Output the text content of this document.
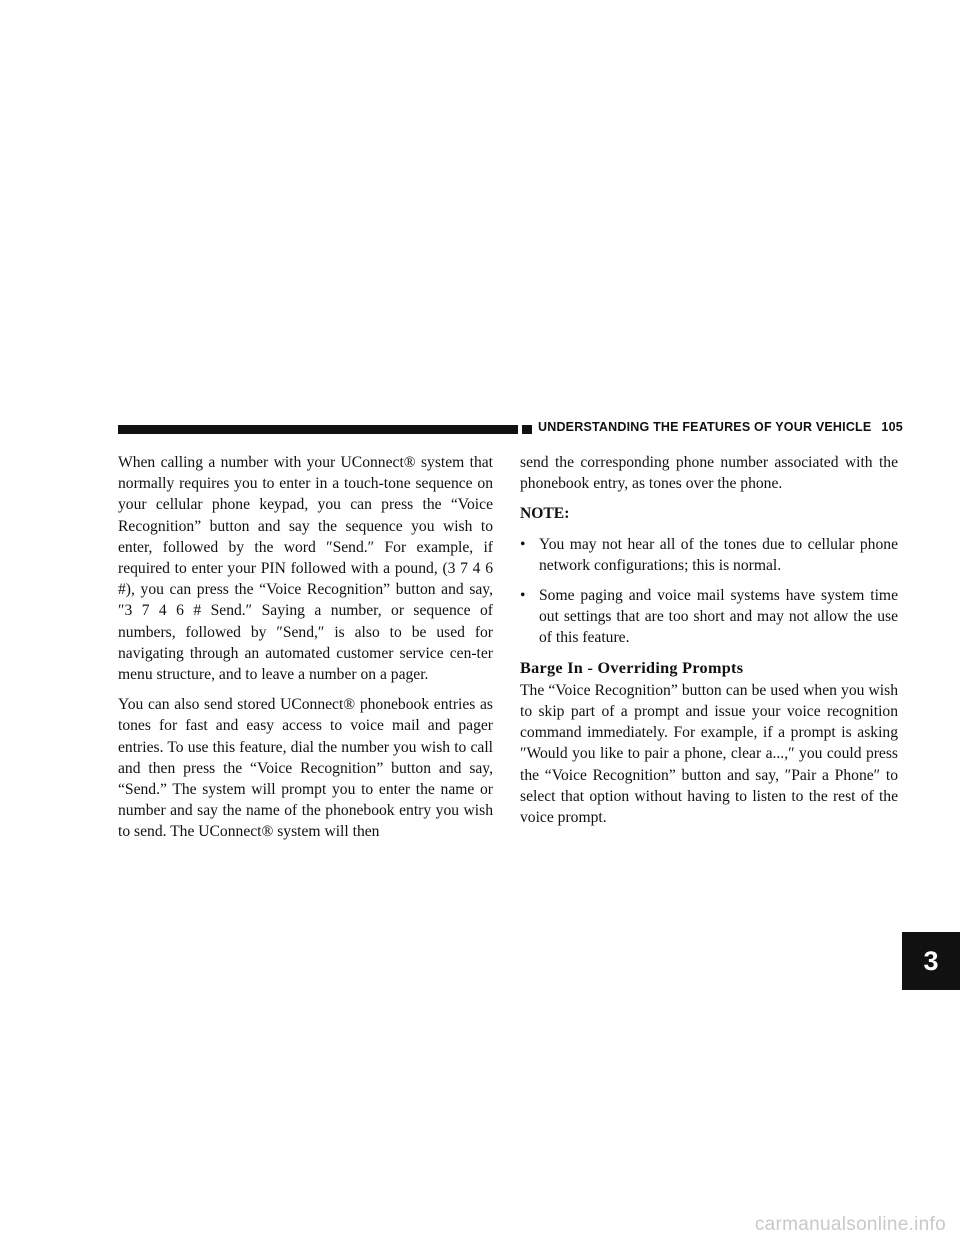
UNDERSTANDING THE FEATURES OF YOUR VEHICLE 105

When calling a number with your UConnect® system that normally requires you to enter in a touch-tone sequence on your cellular phone keypad, you can press the “Voice Recognition” button and say the sequence you wish to enter, followed by the word ″Send.″ For example, if required to enter your PIN followed with a pound, (3 7 4 6 #), you can press the “Voice Recognition” button and say, ″3 7 4 6 # Send.″ Saying a number, or sequence of numbers, followed by ″Send,″ is also to be used for navigating through an automated customer service cen-ter menu structure, and to leave a number on a pager.

You can also send stored UConnect® phonebook entries as tones for fast and easy access to voice mail and pager entries. To use this feature, dial the number you wish to call and then press the “Voice Recognition” button and say, “Send.” The system will prompt you to enter the name or number and say the name of the phonebook entry you wish to send. The UConnect® system will then

send the corresponding phone number associated with the phonebook entry, as tones over the phone.

NOTE:

• You may not hear all of the tones due to cellular phone network configurations; this is normal.
• Some paging and voice mail systems have system time out settings that are too short and may not allow the use of this feature.
Barge In - Overriding Prompts

The “Voice Recognition” button can be used when you wish to skip part of a prompt and issue your voice recognition command immediately. For example, if a prompt is asking ″Would you like to pair a phone, clear a...,″ you could press the “Voice Recognition” button and say, ″Pair a Phone″ to select that option without having to listen to the rest of the voice prompt.

3
carmanualsonline.info
